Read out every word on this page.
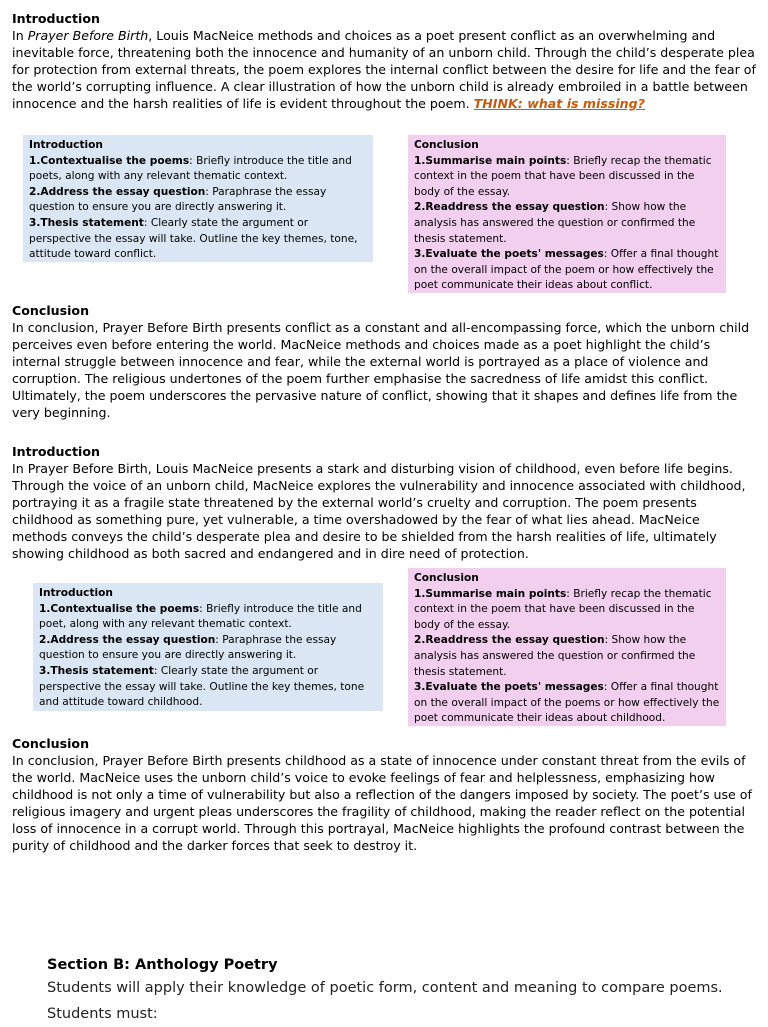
Introduction

In Prayer Before Birth, Louis MacNeice methods and choices as a poet present conflict as an overwhelming and inevitable force, threatening both the innocence and humanity of an unborn child. Through the child’s desperate plea for protection from external threats, the poem explores the internal conflict between the desire for life and the fear of the world’s corrupting influence. A clear illustration of how the unborn child is already embroiled in a battle between innocence and the harsh realities of life is evident throughout the poem. THINK: what is missing?

Introduction
1.Contextualise the poems: Briefly introduce the title and poets, along with any relevant thematic context.
2.Address the essay question: Paraphrase the essay question to ensure you are directly answering it.
3.Thesis statement: Clearly state the argument or perspective the essay will take. Outline the key themes, tone, attitude toward conflict.
Conclusion
1.Summarise main points: Briefly recap the thematic context in the poem that have been discussed in the body of the essay.
2.Readdress the essay question: Show how the analysis has answered the question or confirmed the thesis statement.
3.Evaluate the poets' messages: Offer a final thought on the overall impact of the poem or how effectively the poet communicate their ideas about conflict.
Conclusion

In conclusion, Prayer Before Birth presents conflict as a constant and all-encompassing force, which the unborn child perceives even before entering the world. MacNeice methods and choices made as a poet highlight the child’s internal struggle between innocence and fear, while the external world is portrayed as a place of violence and corruption. The religious undertones of the poem further emphasise the sacredness of life amidst this conflict. Ultimately, the poem underscores the pervasive nature of conflict, showing that it shapes and defines life from the very beginning.

Introduction

In Prayer Before Birth, Louis MacNeice presents a stark and disturbing vision of childhood, even before life begins. Through the voice of an unborn child, MacNeice explores the vulnerability and innocence associated with childhood, portraying it as a fragile state threatened by the external world’s cruelty and corruption. The poem presents childhood as something pure, yet vulnerable, a time overshadowed by the fear of what lies ahead. MacNeice methods conveys the child’s desperate plea and desire to be shielded from the harsh realities of life, ultimately showing childhood as both sacred and endangered and in dire need of protection.

Conclusion
1.Summarise main points: Briefly recap the thematic context in the poem that have been discussed in the body of the essay.
2.Readdress the essay question: Show how the analysis has answered the question or confirmed the thesis statement.
3.Evaluate the poets' messages: Offer a final thought on the overall impact of the poems or how effectively the poet communicate their ideas about childhood.
Introduction
1.Contextualise the poems: Briefly introduce the title and poet, along with any relevant thematic context.
2.Address the essay question: Paraphrase the essay question to ensure you are directly answering it.
3.Thesis statement: Clearly state the argument or perspective the essay will take. Outline the key themes, tone and attitude toward childhood.
Conclusion

In conclusion, Prayer Before Birth presents childhood as a state of innocence under constant threat from the evils of the world. MacNeice uses the unborn child’s voice to evoke feelings of fear and helplessness, emphasizing how childhood is not only a time of vulnerability but also a reflection of the dangers imposed by society. The poet’s use of religious imagery and urgent pleas underscores the fragility of childhood, making the reader reflect on the potential loss of innocence in a corrupt world. Through this portrayal, MacNeice highlights the profound contrast between the purity of childhood and the darker forces that seek to destroy it.

Section B: Anthology Poetry

Students will apply their knowledge of poetic form, content and meaning to compare poems.

Students must:
